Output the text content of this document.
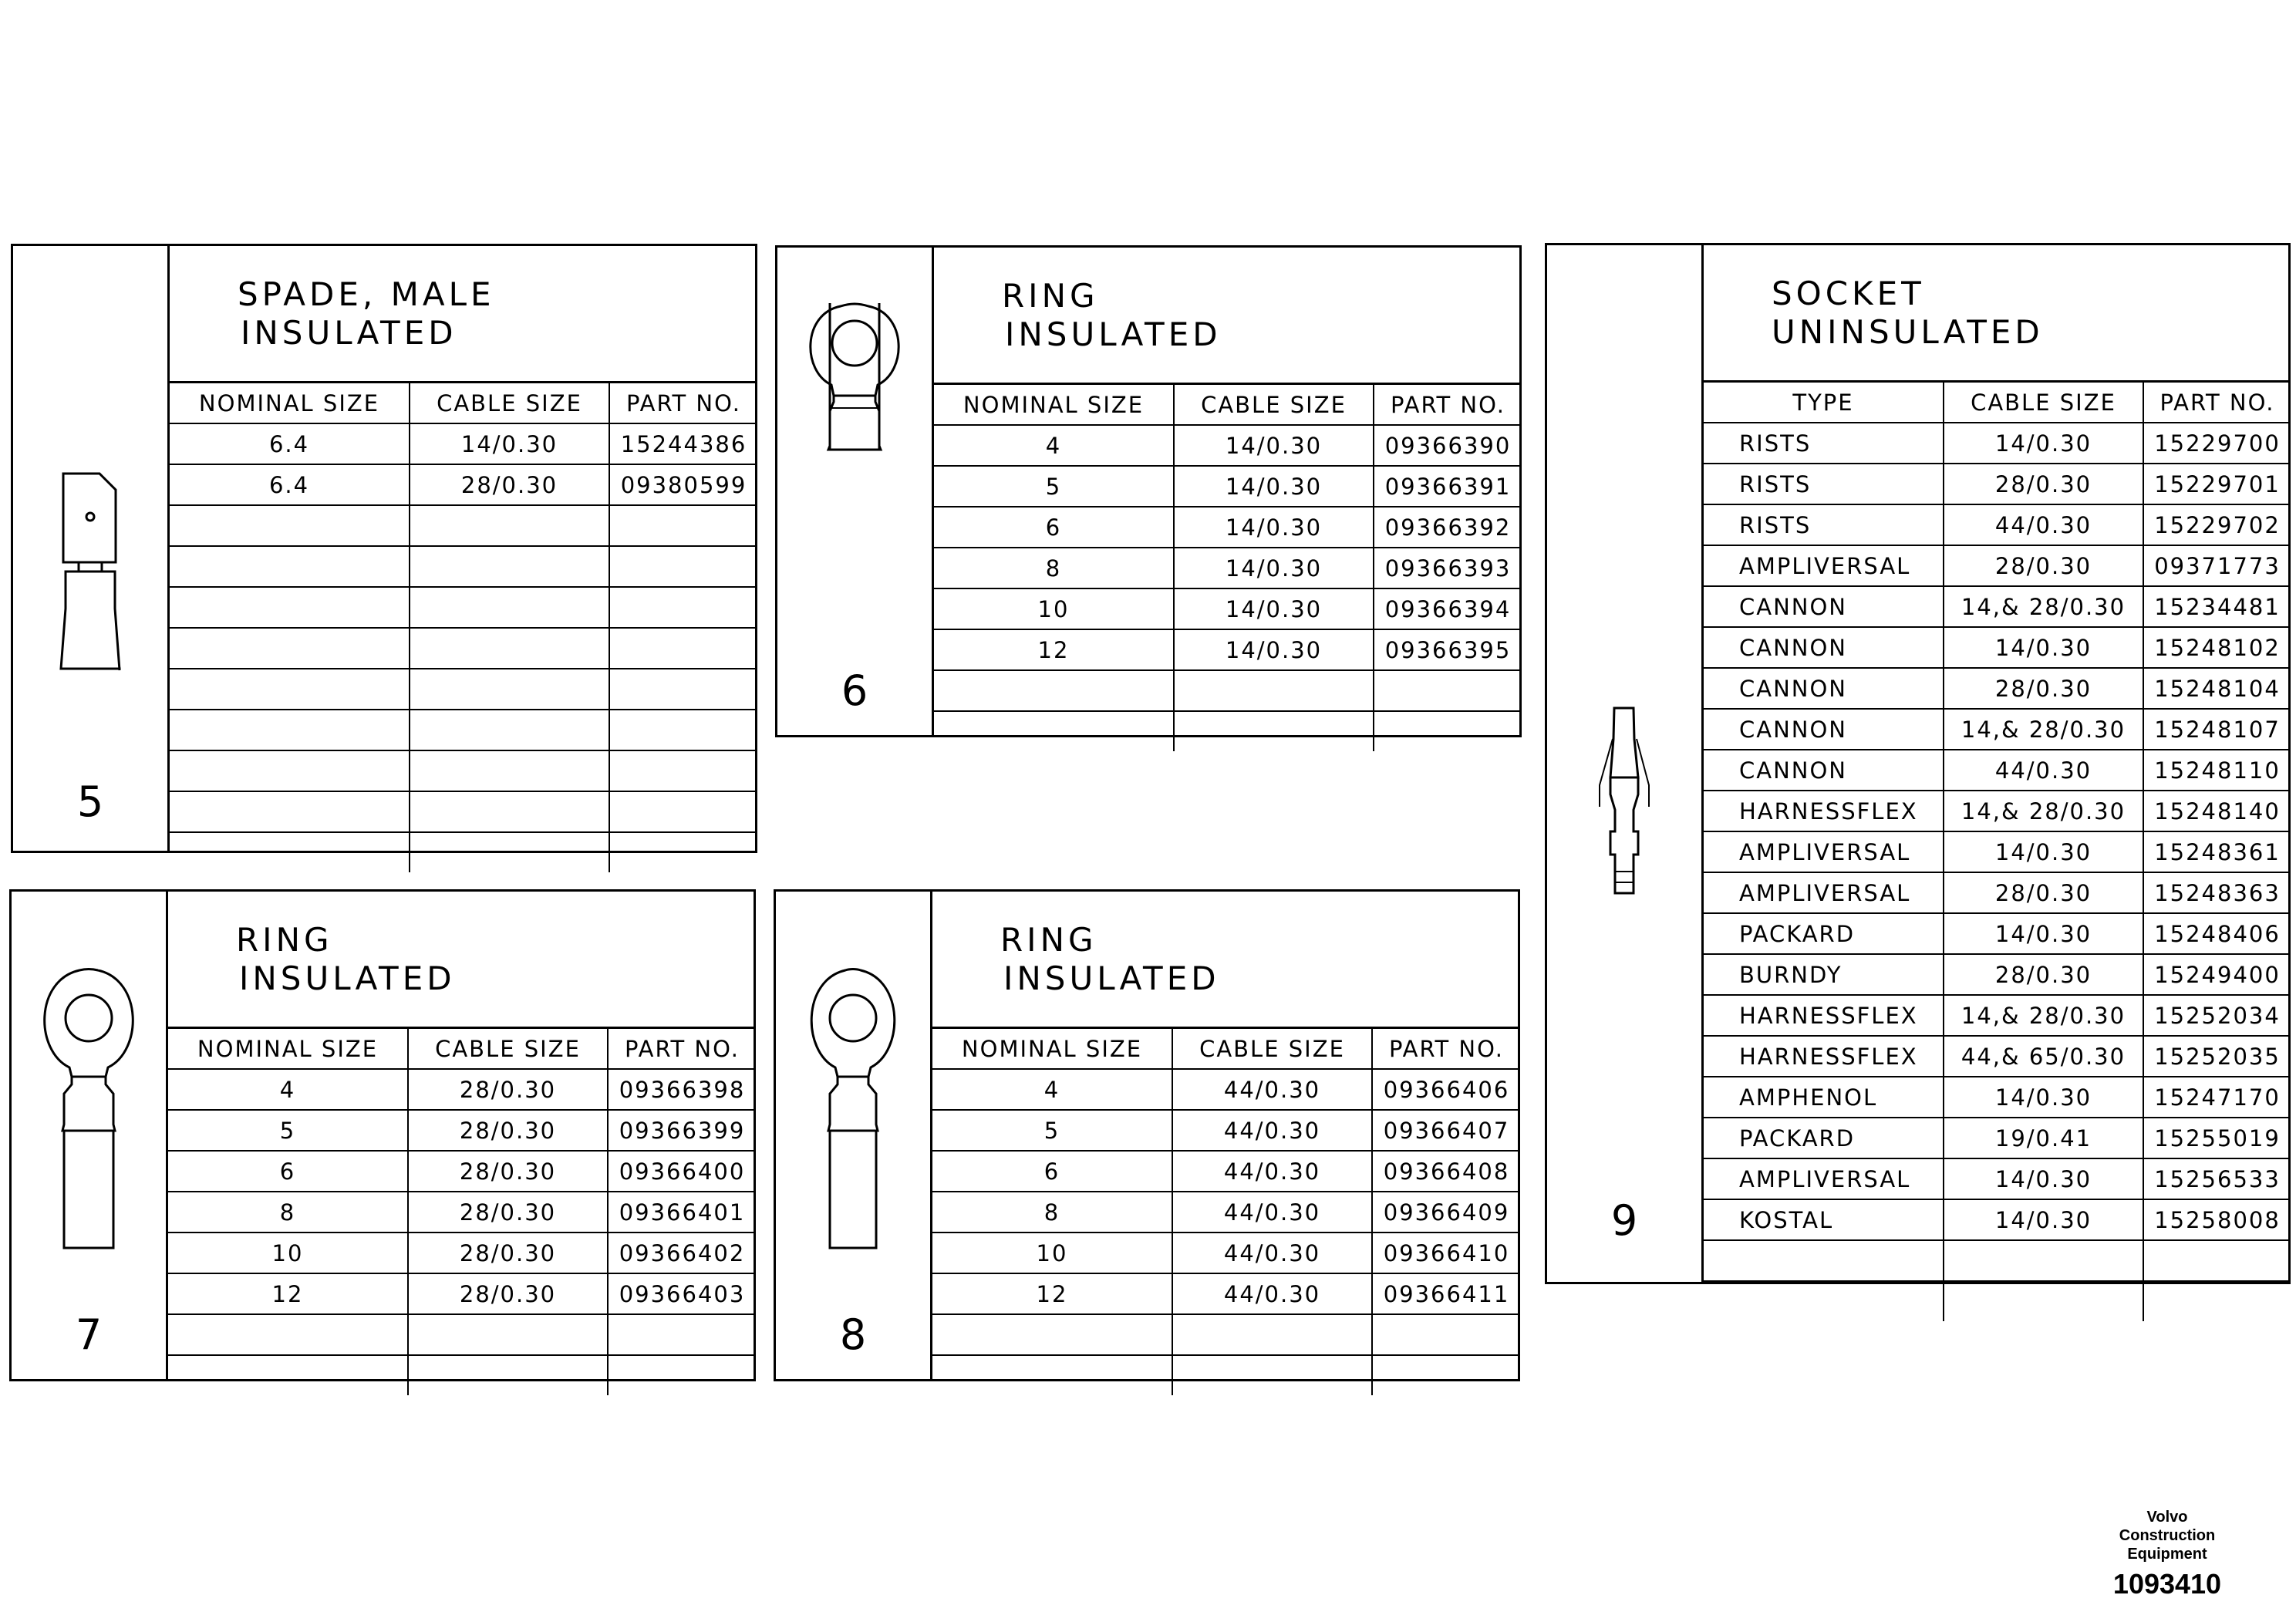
5
SPADE, MALE
INSULATED
NOMINAL SIZE	CABLE SIZE	PART NO.
6.4	14/0.30	15244386
6.4	28/0.30	09380599

6
RING
INSULATED
NOMINAL SIZE	CABLE SIZE	PART NO.
4	14/0.30	09366390
5	14/0.30	09366391
6	14/0.30	09366392
8	14/0.30	09366393
10	14/0.30	09366394
12	14/0.30	09366395

7
RING
INSULATED
NOMINAL SIZE	CABLE SIZE	PART NO.
4	28/0.30	09366398
5	28/0.30	09366399
6	28/0.30	09366400
8	28/0.30	09366401
10	28/0.30	09366402
12	28/0.30	09366403

8
RING
INSULATED
NOMINAL SIZE	CABLE SIZE	PART NO.
4	44/0.30	09366406
5	44/0.30	09366407
6	44/0.30	09366408
8	44/0.30	09366409
10	44/0.30	09366410
12	44/0.30	09366411

9
SOCKET
UNINSULATED
TYPE	CABLE SIZE	PART NO.
RISTS	14/0.30	15229700
RISTS	28/0.30	15229701
RISTS	44/0.30	15229702
AMPLIVERSAL	28/0.30	09371773
CANNON	14,& 28/0.30	15234481
CANNON	14/0.30	15248102
CANNON	28/0.30	15248104
CANNON	14,& 28/0.30	15248107
CANNON	44/0.30	15248110
HARNESSFLEX	14,& 28/0.30	15248140
AMPLIVERSAL	14/0.30	15248361
AMPLIVERSAL	28/0.30	15248363
PACKARD	14/0.30	15248406
BURNDY	28/0.30	15249400
HARNESSFLEX	14,& 28/0.30	15252034
HARNESSFLEX	44,& 65/0.30	15252035
AMPHENOL	14/0.30	15247170
PACKARD	19/0.41	15255019
AMPLIVERSAL	14/0.30	15256533
KOSTAL	14/0.30	15258008

Volvo Construction Equipment
1093410
